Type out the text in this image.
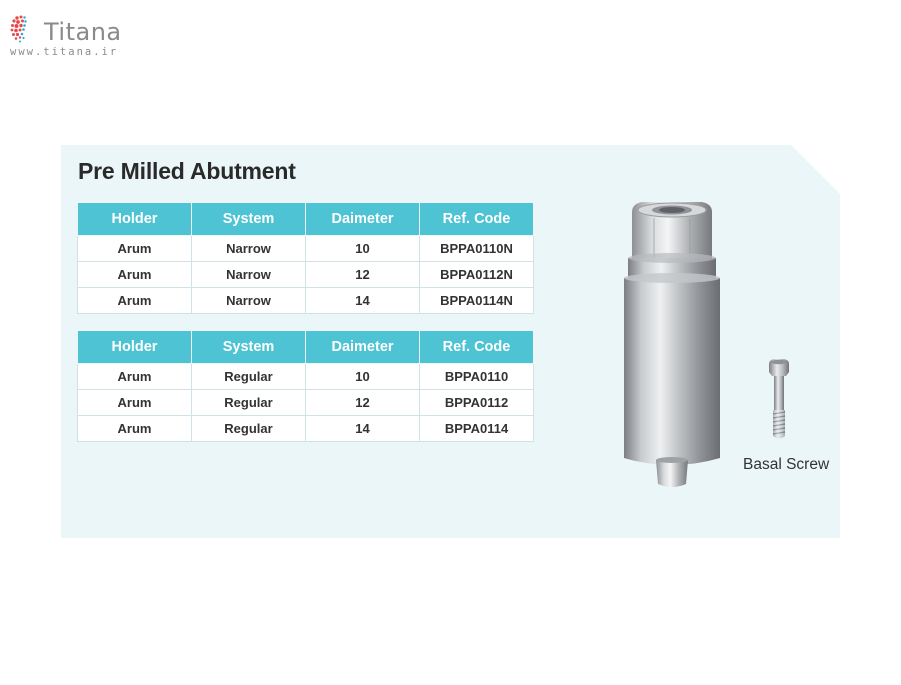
Titana
www.titana.ir
Pre Milled Abutment
Holder	System	Daimeter	Ref. Code
Arum	Narrow	10	BPPA0110N
Arum	Narrow	12	BPPA0112N
Arum	Narrow	14	BPPA0114N
Holder	System	Daimeter	Ref. Code
Arum	Regular	10	BPPA0110
Arum	Regular	12	BPPA0112
Arum	Regular	14	BPPA0114
Basal Screw
